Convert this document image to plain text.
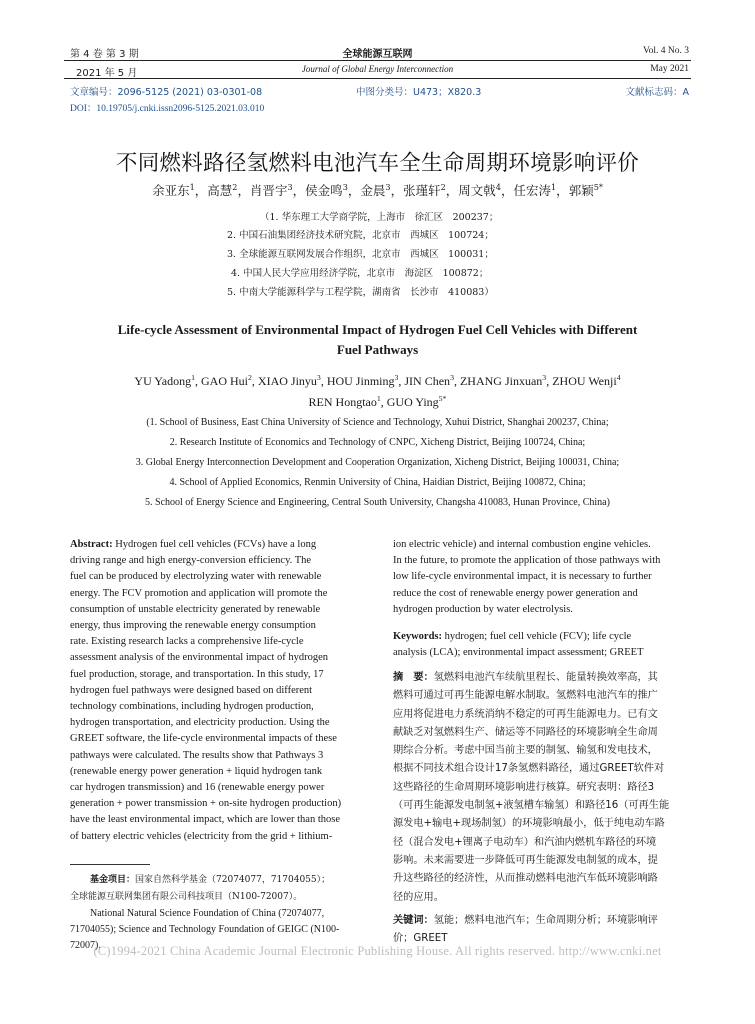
第 4 卷 第 3 期	全球能源互联网	Vol. 4 No. 3
2021 年 5 月	Journal of Global Energy Interconnection	May 2021
文章编号：2096-5125 (2021) 03-0301-08	中图分类号：U473；X820.3	文献标志码：A
DOI：10.19705/j.cnki.issn2096-5125.2021.03.010
不同燃料路径氢燃料电池汽车全生命周期环境影响评价
余亚东$^1$，高慧$^2$，肖晋宇$^3$，侯金鸣$^3$，金晨$^3$，张瑾轩$^2$，周文戟$^4$，任宏涛$^1$，郭颖$^{5*}$
（1. 华东理工大学商学院，上海市　徐汇区　200237；
2. 中国石油集团经济技术研究院，北京市　西城区　100724；
3. 全球能源互联网发展合作组织，北京市　西城区　100031；
4. 中国人民大学应用经济学院，北京市　海淀区　100872；
5. 中南大学能源科学与工程学院，湖南省　长沙市　410083）
Life-cycle Assessment of Environmental Impact of Hydrogen Fuel Cell Vehicles with Different
Fuel Pathways
YU Yadong$^1$, GAO Hui$^2$, XIAO Jinyu$^3$, HOU Jinming$^3$, JIN Chen$^3$, ZHANG Jinxuan$^3$, ZHOU Wenji$^4$
REN Hongtao$^1$, GUO Ying$^{5*}$
(1. School of Business, East China University of Science and Technology, Xuhui District, Shanghai 200237, China;
2. Research Institute of Economics and Technology of CNPC, Xicheng District, Beijing 100724, China;
3. Global Energy Interconnection Development and Cooperation Organization, Xicheng District, Beijing 100031, China;
4. School of Applied Economics, Renmin University of China, Haidian District, Beijing 100872, China;
5. School of Energy Science and Engineering, Central South University, Changsha 410083, Hunan Province, China)
Abstract: Hydrogen fuel cell vehicles (FCVs) have a long
driving range and high energy-conversion efficiency. The
fuel can be produced by electrolyzing water with renewable
energy. The FCV promotion and application will promote the
consumption of unstable electricity generated by renewable
energy, thus improving the renewable energy consumption
rate. Existing research lacks a comprehensive life-cycle
assessment analysis of the environmental impact of hydrogen
fuel production, storage, and transportation. In this study, 17
hydrogen fuel pathways were designed based on different
technology combinations, including hydrogen production,
hydrogen transportation, and electricity production. Using the
GREET software, the life-cycle environmental impacts of these
pathways were calculated. The results show that Pathways 3
(renewable energy power generation + liquid hydrogen tank
car hydrogen transmission) and 16 (renewable energy power
generation + power transmission + on-site hydrogen production)
have the least environmental impact, which are lower than those
of battery electric vehicles (electricity from the grid + lithium-
基金项目：国家自然科学基金（72074077，71704055）；
全球能源互联网集团有限公司科技项目（N100-72007）。
National Natural Science Foundation of China (72074077,
71704055); Science and Technology Foundation of GEIGC (N100-
72007).
ion electric vehicle) and internal combustion engine vehicles.
In the future, to promote the application of those pathways with
low life-cycle environmental impact, it is necessary to further
reduce the cost of renewable energy power generation and
hydrogen production by water electrolysis.
Keywords: hydrogen; fuel cell vehicle (FCV); life cycle
analysis (LCA); environmental impact assessment; GREET
摘　要：氢燃料电池汽车续航里程长、能量转换效率高，其
燃料可通过可再生能源电解水制取。氢燃料电池汽车的推广
应用将促进电力系统消纳不稳定的可再生能源电力。已有文
献缺乏对氢燃料生产、储运等不同路径的环境影响全生命周
期综合分析。考虑中国当前主要的制氢、输氢和发电技术，
根据不同技术组合设计17条氢燃料路径，通过GREET软件对
这些路径的生命周期环境影响进行核算。研究表明：路径3
（可再生能源发电制氢+液氢槽车输氢）和路径16（可再生能
源发电+输电+现场制氢）的环境影响最小，低于纯电动车路
径（混合发电+锂离子电动车）和汽油内燃机车路径的环境
影响。未来需要进一步降低可再生能源发电制氢的成本，提
升这些路径的经济性，从而推动燃料电池汽车低环境影响路
径的应用。
关键词：氢能；燃料电池汽车；生命周期分析；环境影响评
价；GREET
(C)1994-2021 China Academic Journal Electronic Publishing House. All rights reserved. http://www.cnki.net
